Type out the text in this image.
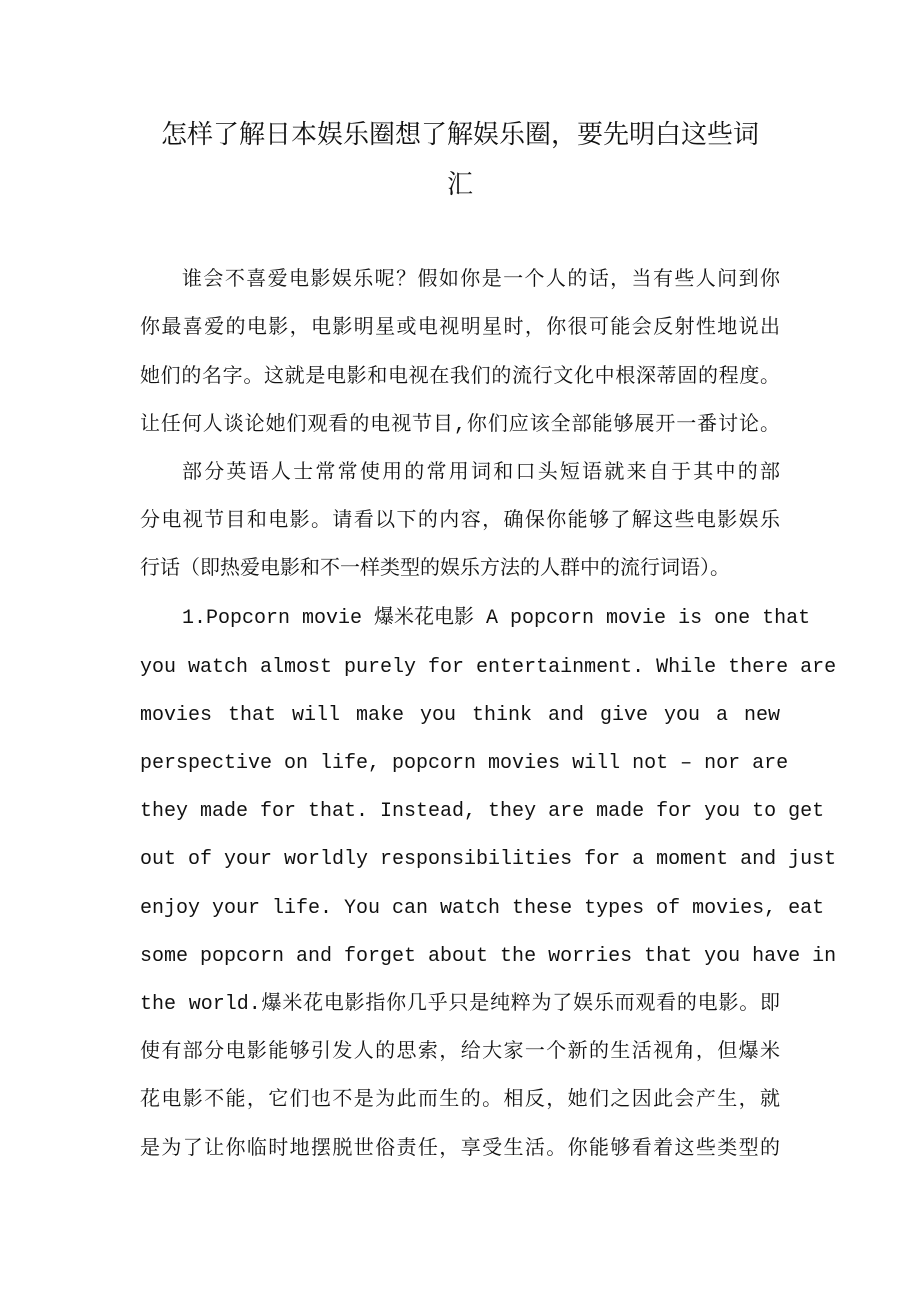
怎样了解日本娱乐圈想了解娱乐圈，要先明白这些词
汇
谁会不喜爱电影娱乐呢？假如你是一个人的话，当有些人问到你
你最喜爱的电影，电影明星或电视明星时，你很可能会反射性地说出
她们的名字。这就是电影和电视在我们的流行文化中根深蒂固的程度。
让任何人谈论她们观看的电视节目,你们应该全部能够展开一番讨论。
部分英语人士常常使用的常用词和口头短语就来自于其中的部
分电视节目和电影。请看以下的内容，确保你能够了解这些电影娱乐
行话（即热爱电影和不一样类型的娱乐方法的人群中的流行词语）。
1.Popcorn movie 爆米花电影 A popcorn movie is one that
you watch almost purely for entertainment. While there are
movies that will make you think and give you a new
perspective on life, popcorn movies will not – nor are
they made for that. Instead, they are made for you to get
out of your worldly responsibilities for a moment and just
enjoy your life. You can watch these types of movies, eat
some popcorn and forget about the worries that you have in
the world.爆米花电影指你几乎只是纯粹为了娱乐而观看的电影。即
使有部分电影能够引发人的思索，给大家一个新的生活视角，但爆米
花电影不能，它们也不是为此而生的。相反，她们之因此会产生，就
是为了让你临时地摆脱世俗责任，享受生活。你能够看着这些类型的
